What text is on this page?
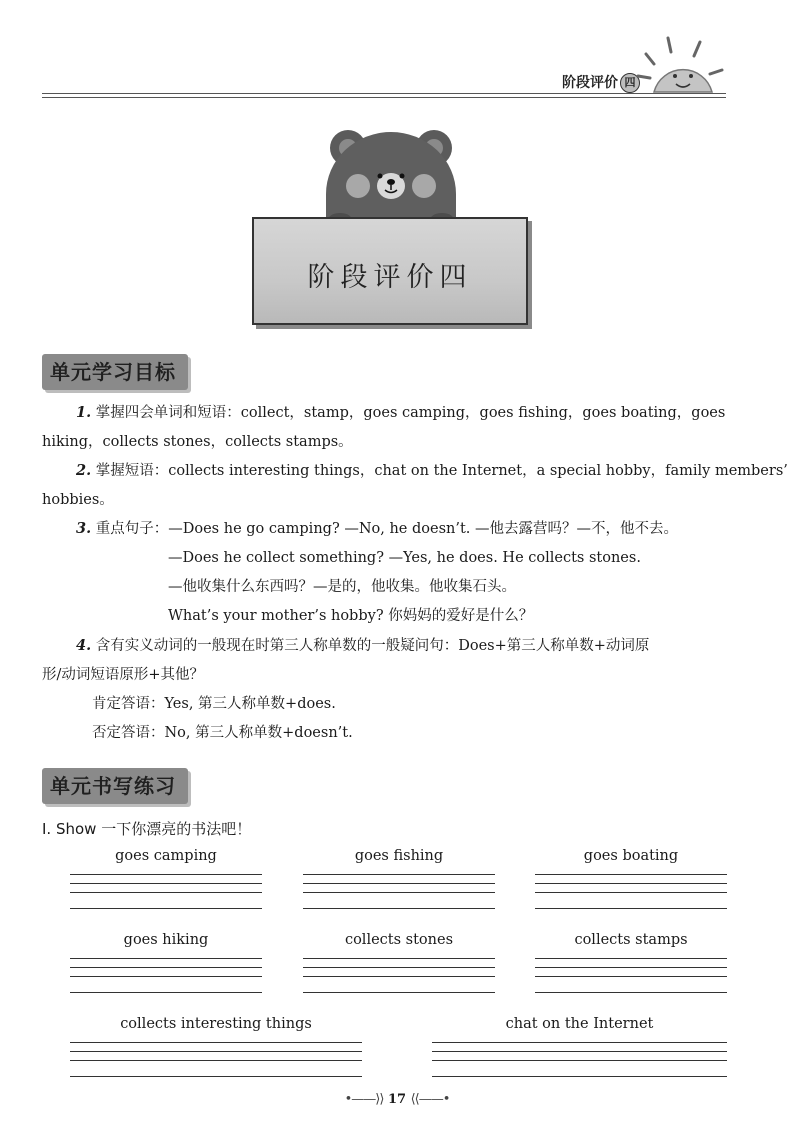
阶段评价 四
阶段评价四
单元学习目标
1. 掌握四会单词和短语：collect，stamp，goes camping，goes fishing，goes boating，goes
hiking，collects stones，collects stamps。
2. 掌握短语：collects interesting things，chat on the Internet，a special hobby，family members’
hobbies。
3. 重点句子：—Does he go camping? —No, he doesn’t. —他去露营吗？—不，他不去。
—Does he collect something? —Yes, he does. He collects stones.
—他收集什么东西吗？—是的，他收集。他收集石头。
What’s your mother’s hobby? 你妈妈的爱好是什么？
4. 含有实义动词的一般现在时第三人称单数的一般疑问句：Does+第三人称单数+动词原
形/动词短语原形+其他？
肯定答语：Yes, 第三人称单数+does.
否定答语：No, 第三人称单数+doesn’t.
单元书写练习
Ⅰ. Show 一下你漂亮的书法吧！
goes camping	goes fishing	goes boating
goes hiking	collects stones	collects stamps
collects interesting things	chat on the Internet
•——⟩⟩ 17 ⟨⟨——•
